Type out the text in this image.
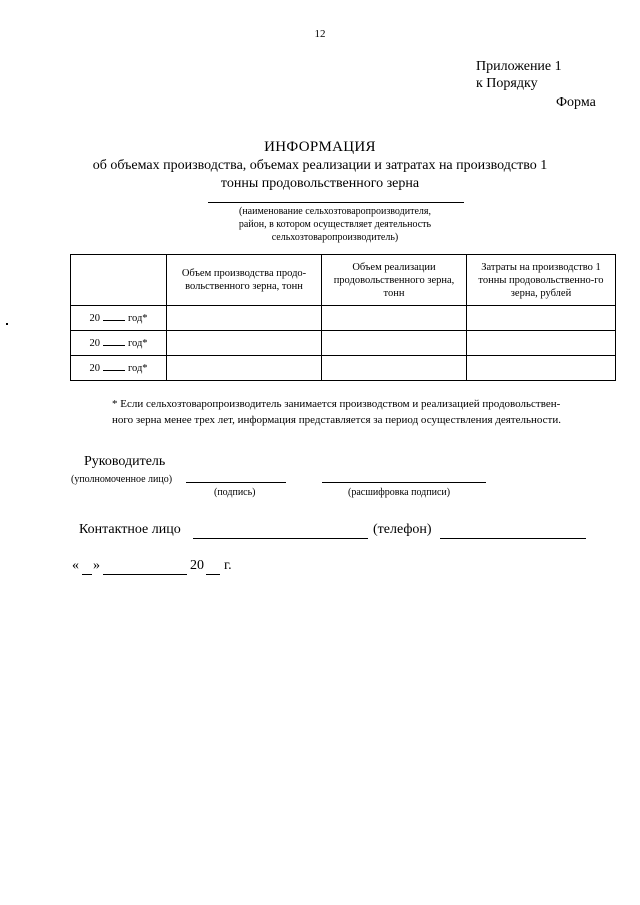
12
Приложение 1
к Порядку
Форма
ИНФОРМАЦИЯ
об объемах производства, объемах реализации и затратах на производство 1
тонны продовольственного зерна
(наименование сельхозтоваропроизводителя,
район, в котором осуществляет деятельность
сельхозтоваропроизводитель)
	Объем производства продо-вольственного зерна, тонн	Объем реализации продовольственного зерна, тонн	Затраты на производство 1 тонны продовольственно-го зерна, рублей
20 год*			
20 год*			
20 год*			
* Если сельхозтоваропроизводитель занимается производством и реализацией продовольствен-
ного зерна менее трех лет, информация представляется за период осуществления деятельности.
Руководитель
(уполномоченное лицо)
(подпись)	(расшифровка подписи)
Контактное лицо	(телефон)
« »	20 г.
